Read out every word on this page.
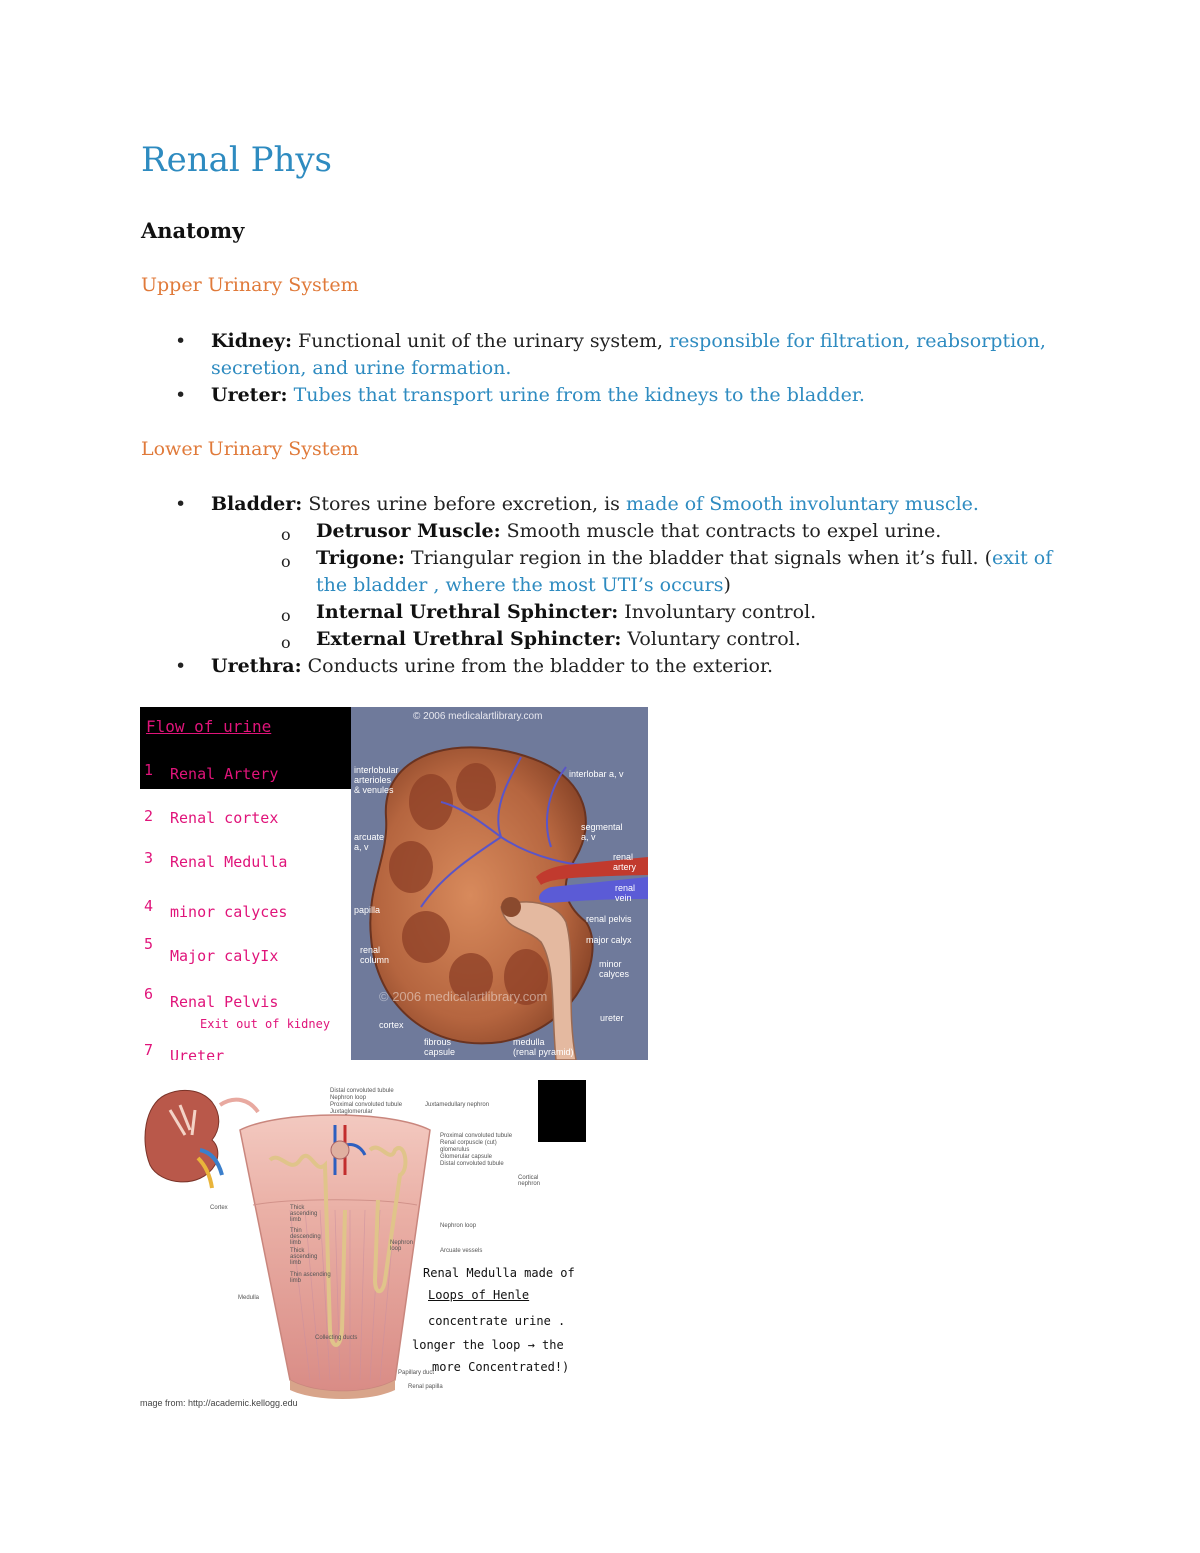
Renal Phys
Anatomy
Upper Urinary System
• Kidney: Functional unit of the urinary system, responsible for filtration, reabsorption, secretion, and urine formation.
• Ureter: Tubes that transport urine from the kidneys to the bladder.
Lower Urinary System
• Bladder: Stores urine before excretion, is made of Smooth involuntary muscle.
o Detrusor Muscle: Smooth muscle that contracts to expel urine.
o Trigone: Triangular region in the bladder that signals when it’s full. (exit of the bladder , where the most UTI’s occurs)
o Internal Urethral Sphincter: Involuntary control.
o External Urethral Sphincter: Voluntary control.
• Urethra: Conducts urine from the bladder to the exterior.
Flow of urine
1 Renal Artery
2 Renal cortex
3 Renal Medulla
4 minor calyces
5
Major calyIx
6 Renal Pelvis
Exit out of kidney
7 Ureter
© 2006 medicalartlibrary.com
© 2006 medicalartlibrary.com
interlobular
arterioles
& venules
interlobar a, v
arcuate
a, v
segmental
a, v
renal
artery
renal
vein
papilla
renal pelvis
major calyx
renal
column	minor
calyces
cortex
ureter
fibrous
capsule
medulla
(renal pyramid)
Cortex
Medulla
Distal convoluted tubule
Nephron loop
Proximal convoluted tubule
Juxtaglomerular
Juxtamedullary nephron
Proximal convoluted tubule
Renal corpuscle (cut)
glomerulus
Glomerular capsule
Distal convoluted tubule
Thick
ascending
limb
Thin
descending
limb
Thick
ascending
limb
Thin ascending
limb
Collecting ducts
Nephron
loop
Cortical
nephron
Nephron loop
Arcuate vessels
Papillary duct
Renal papilla
Renal Medulla made of
Loops of Henle
concentrate urine .
longer the loop → the
more Concentrated!)
mage from: http://academic.kellogg.edu
